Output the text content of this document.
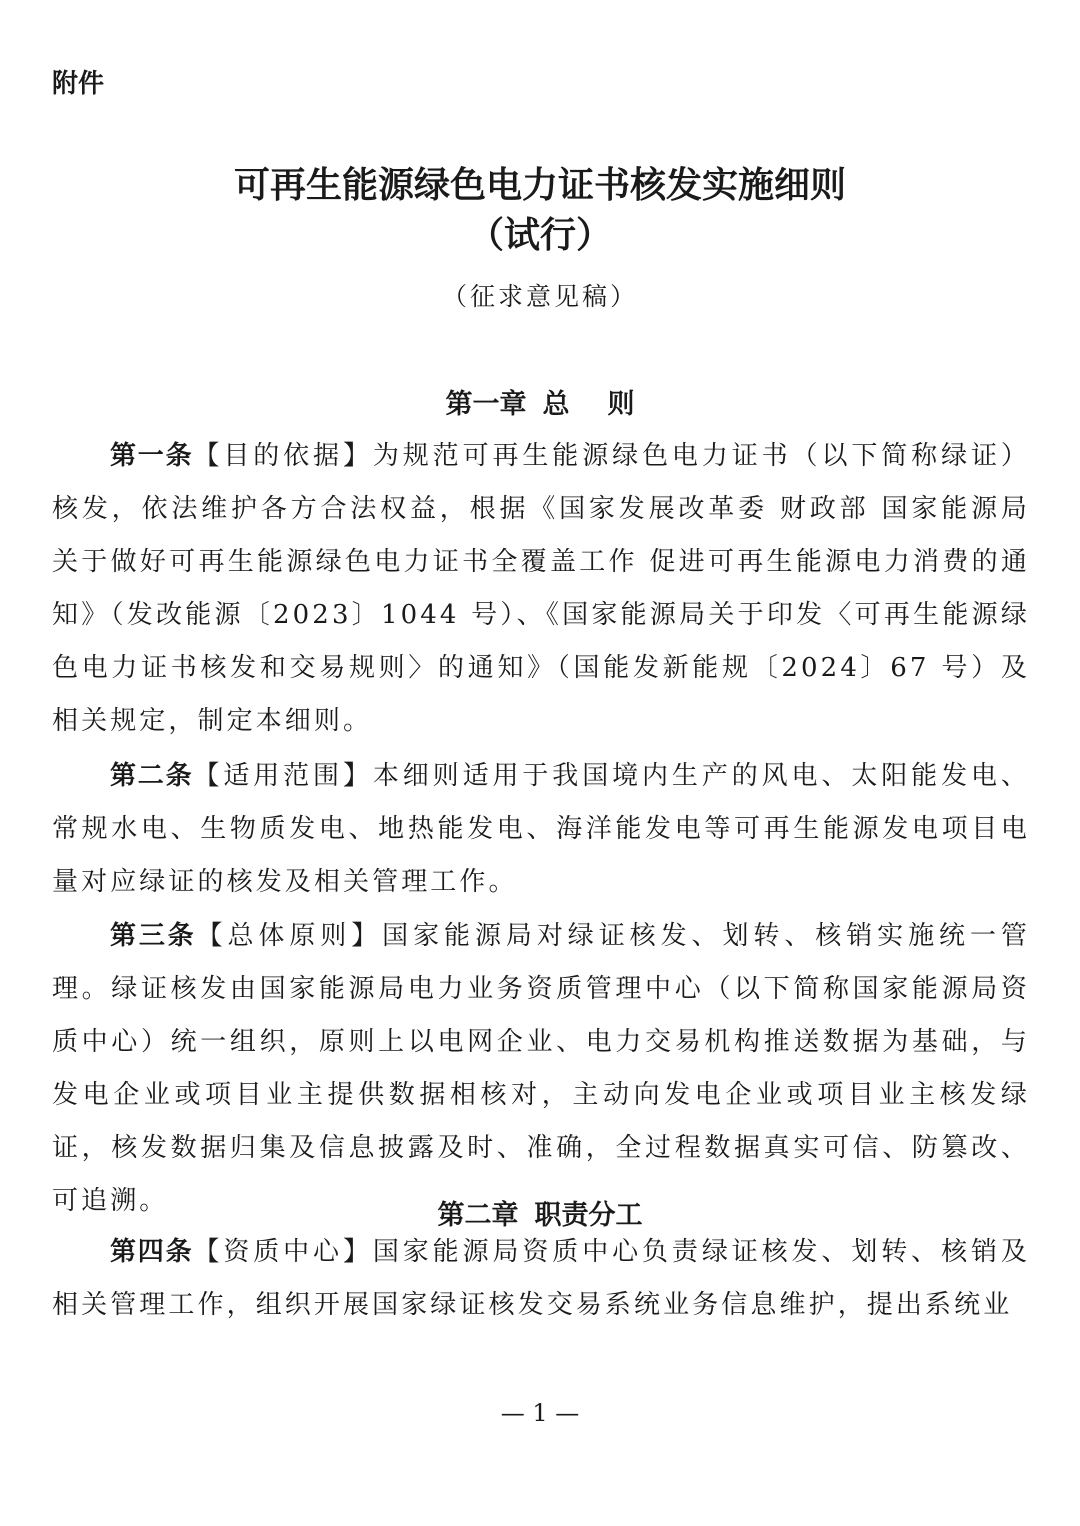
附件
可再生能源绿色电力证书核发实施细则
（试行）
（征求意见稿）
第一章 总 则

第一条【目的依据】为规范可再生能源绿色电力证书（以下简称绿证）核发，依法维护各方合法权益，根据《国家发展改革委 财政部 国家能源局关于做好可再生能源绿色电力证书全覆盖工作 促进可再生能源电力消费的通知》（发改能源〔2023〕1044 号）、《国家能源局关于印发〈可再生能源绿色电力证书核发和交易规则〉的通知》（国能发新能规〔2024〕67 号）及相关规定，制定本细则。

第二条【适用范围】本细则适用于我国境内生产的风电、太阳能发电、常规水电、生物质发电、地热能发电、海洋能发电等可再生能源发电项目电量对应绿证的核发及相关管理工作。

第三条【总体原则】国家能源局对绿证核发、划转、核销实施统一管理。绿证核发由国家能源局电力业务资质管理中心（以下简称国家能源局资质中心）统一组织，原则上以电网企业、电力交易机构推送数据为基础，与发电企业或项目业主提供数据相核对，主动向发电企业或项目业主核发绿证，核发数据归集及信息披露及时、准确，全过程数据真实可信、防篡改、可追溯。	第二章 职责分工

第四条【资质中心】国家能源局资质中心负责绿证核发、划转、核销及相关管理工作，组织开展国家绿证核发交易系统业务信息维护，提出系统业

— 1 —
